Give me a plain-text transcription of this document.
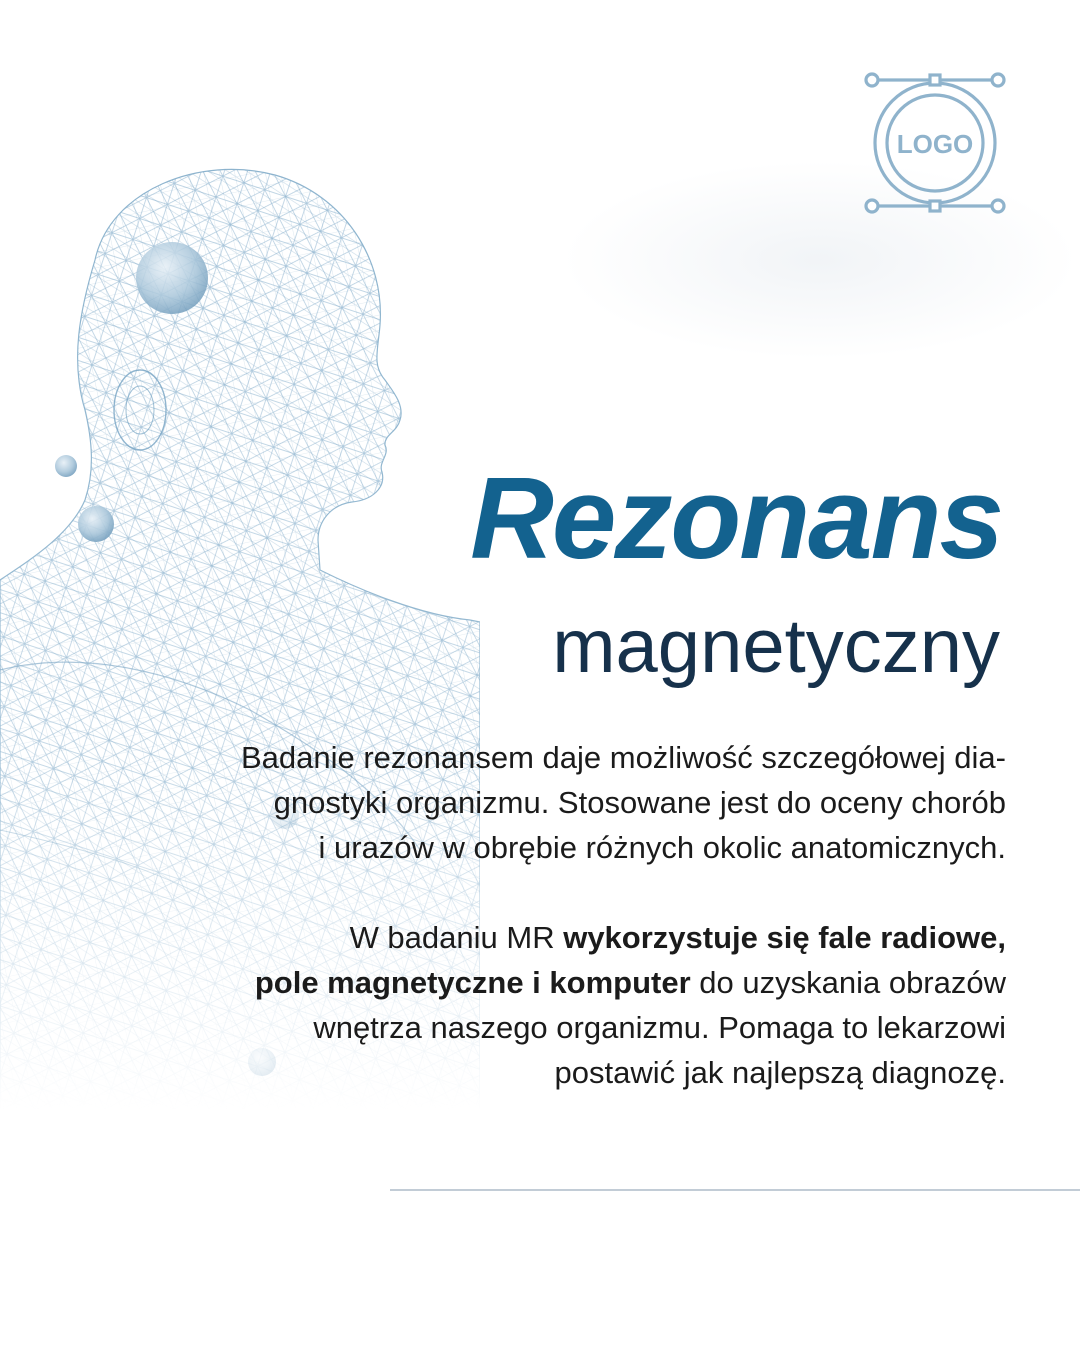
LOGO
Rezonans
magnetyczny

Badanie rezonansem daje możliwość szczegółowej dia-
gnostyki organizmu. Stosowane jest do oceny chorób
i urazów w obrębie różnych okolic anatomicznych.

W badaniu MR wykorzystuje się fale radiowe,
pole magnetyczne i komputer do uzyskania obrazów
wnętrza naszego organizmu. Pomaga to lekarzowi
postawić jak najlepszą diagnozę.
